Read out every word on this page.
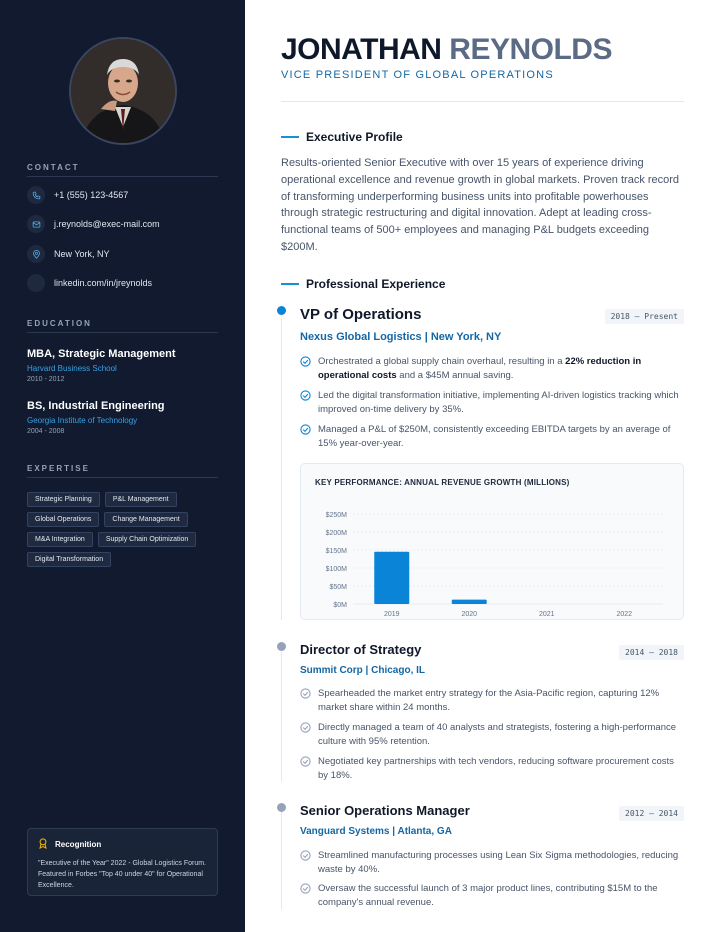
CONTACT
+1 (555) 123-4567
j.reynolds@exec-mail.com
New York, NY
linkedin.com/in/jreynolds
EDUCATION
MBA, Strategic Management
Harvard Business School
2010 - 2012
BS, Industrial Engineering
Georgia Institute of Technology
2004 - 2008
EXPERTISE
Strategic Planning	P&L Management
Global Operations	Change Management
M&A Integration	Supply Chain Optimization
Digital Transformation
Recognition
"Executive of the Year" 2022 - Global Logistics Forum. Featured in Forbes "Top 40 under 40" for Operational Excellence.
JONATHAN REYNOLDS
VICE PRESIDENT OF GLOBAL OPERATIONS
Executive Profile
Results-oriented Senior Executive with over 15 years of experience driving operational excellence and revenue growth in global markets. Proven track record of transforming underperforming business units into profitable powerhouses through strategic restructuring and digital innovation. Adept at leading cross-functional teams of 500+ employees and managing P&L budgets exceeding $200M.
Professional Experience
VP of Operations	2018 – Present
Nexus Global Logistics | New York, NY
Orchestrated a global supply chain overhaul, resulting in a 22% reduction in operational costs and a $45M annual saving.
Led the digital transformation initiative, implementing AI-driven logistics tracking which improved on-time delivery by 35%.
Managed a P&L of $250M, consistently exceeding EBITDA targets by an average of 15% year-over-year.
KEY PERFORMANCE: ANNUAL REVENUE GROWTH (MILLIONS)
$0M
$50M
$100M
$150M
$200M
$250M
2019	2020	2021	2022
Director of Strategy	2014 – 2018
Summit Corp | Chicago, IL
Spearheaded the market entry strategy for the Asia-Pacific region, capturing 12% market share within 24 months.
Directly managed a team of 40 analysts and strategists, fostering a high-performance culture with 95% retention.
Negotiated key partnerships with tech vendors, reducing software procurement costs by 18%.
Senior Operations Manager	2012 – 2014
Vanguard Systems | Atlanta, GA
Streamlined manufacturing processes using Lean Six Sigma methodologies, reducing waste by 40%.
Oversaw the successful launch of 3 major product lines, contributing $15M to the company's annual revenue.
